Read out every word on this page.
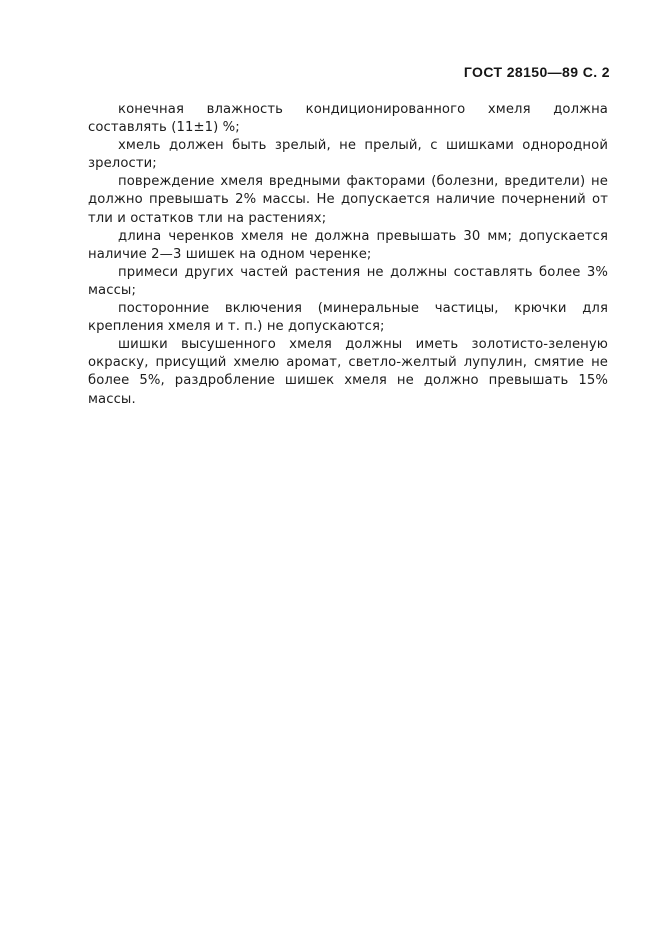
ГОСТ 28150—89 С. 2

конечная влажность кондиционированного хмеля должна составлять (11±1) %;

хмель должен быть зрелый, не прелый, с шишками однородной зрелости;

повреждение хмеля вредными факторами (болезни, вредители) не должно превышать 2% массы. Не допускается наличие почернений от тли и остатков тли на растениях;

длина черенков хмеля не должна превышать 30 мм; допускается наличие 2—3 шишек на одном черенке;

примеси других частей растения не должны составлять более 3% массы;

посторонние включения (минеральные частицы, крючки для крепления хмеля и т. п.) не допускаются;

шишки высушенного хмеля должны иметь золотисто-зеленую окраску, присущий хмелю аромат, светло-желтый лупулин, смятие не более 5%, раздробление шишек хмеля не должно превышать 15% массы.
